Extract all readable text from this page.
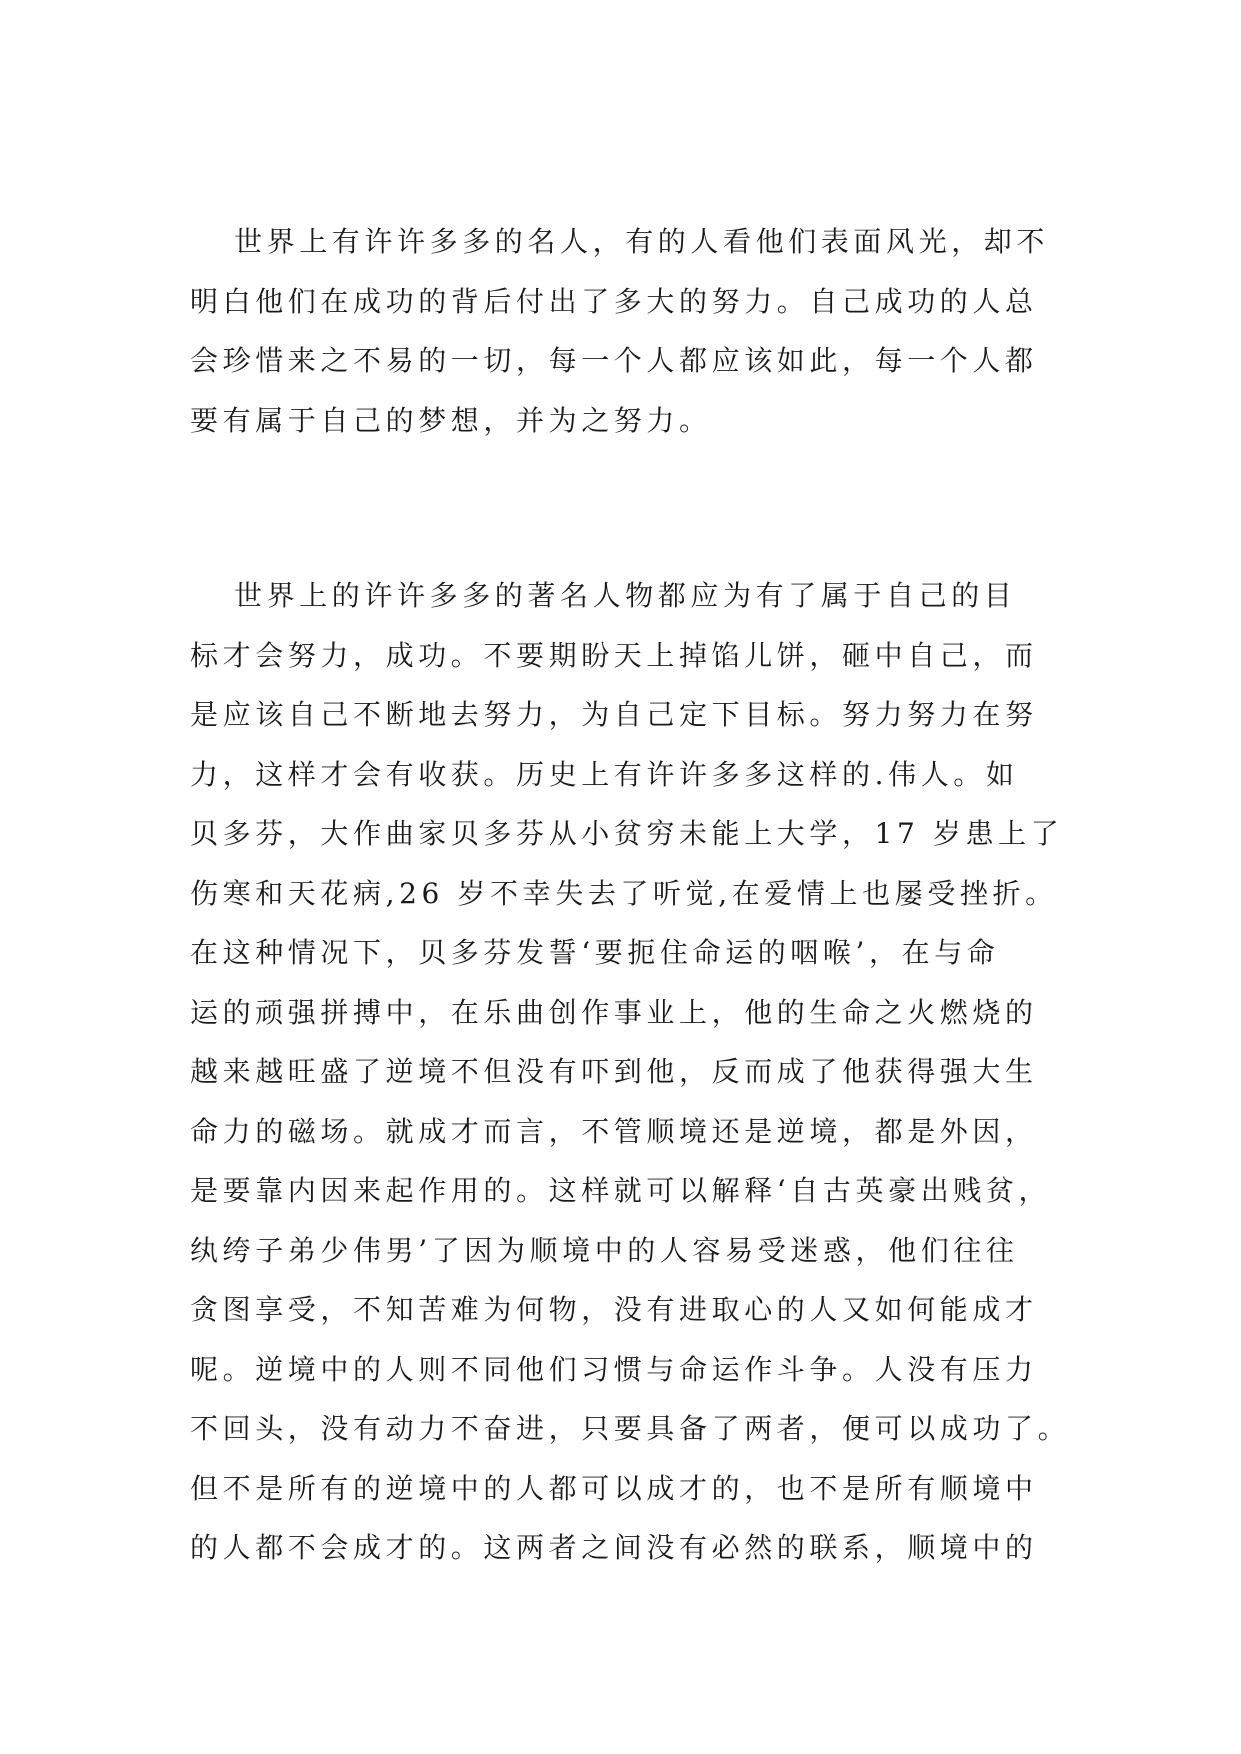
世界上有许许多多的名人，有的人看他们表面风光，却不
明白他们在成功的背后付出了多大的努力。自己成功的人总
会珍惜来之不易的一切，每一个人都应该如此，每一个人都
要有属于自己的梦想，并为之努力。
世界上的许许多多的著名人物都应为有了属于自己的目
标才会努力，成功。不要期盼天上掉馅儿饼，砸中自己，而
是应该自己不断地去努力，为自己定下目标。努力努力在努
力，这样才会有收获。历史上有许许多多这样的.伟人。如
贝多芬，大作曲家贝多芬从小贫穷未能上大学，17 岁患上了
伤寒和天花病,26 岁不幸失去了听觉,在爱情上也屡受挫折。
在这种情况下，贝多芬发誓‘要扼住命运的咽喉’，在与命
运的顽强拼搏中，在乐曲创作事业上，他的生命之火燃烧的
越来越旺盛了逆境不但没有吓到他，反而成了他获得强大生
命力的磁场。就成才而言，不管顺境还是逆境，都是外因，
是要靠内因来起作用的。这样就可以解释‘自古英豪出贱贫，
纨绔子弟少伟男’了因为顺境中的人容易受迷惑，他们往往
贪图享受，不知苦难为何物，没有进取心的人又如何能成才
呢。逆境中的人则不同他们习惯与命运作斗争。人没有压力
不回头，没有动力不奋进，只要具备了两者，便可以成功了。
但不是所有的逆境中的人都可以成才的，也不是所有顺境中
的人都不会成才的。这两者之间没有必然的联系，顺境中的
